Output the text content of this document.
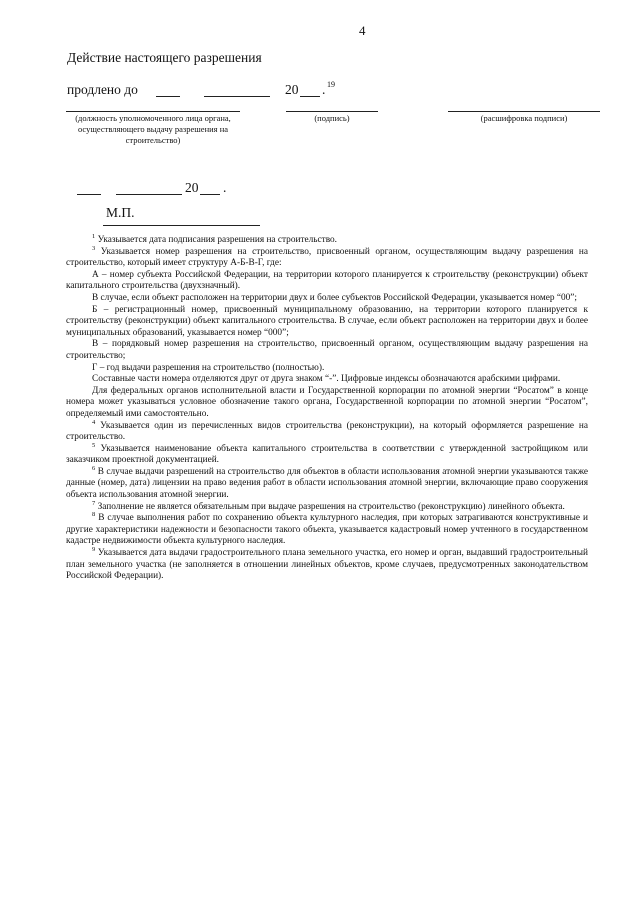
4
Действие настоящего разрешения
продлено до	20 . 19
(должность уполномоченного лица органа, осуществляющего выдачу разрешения на строительство)
(подпись)	(расшифровка подписи)
20 .
М.П.

$^1$ Указывается дата подписания разрешения на строительство.

$^3$ Указывается номер разрешения на строительство, присвоенный органом, осуществляющим выдачу разрешения на строительство, который имеет структуру А-Б-В-Г, где:

А – номер субъекта Российской Федерации, на территории которого планируется к строительству (реконструкции) объект капитального строительства (двухзначный).

В случае, если объект расположен на территории двух и более субъектов Российской Федерации, указывается номер “00”;

Б – регистрационный номер, присвоенный муниципальному образованию, на территории которого планируется к строительству (реконструкции) объект капитального строительства. В случае, если объект расположен на территории двух и более муниципальных образований, указывается номер “000”;

В – порядковый номер разрешения на строительство, присвоенный органом, осуществляющим выдачу разрешения на строительство;

Г – год выдачи разрешения на строительство (полностью).

Составные части номера отделяются друг от друга знаком “-”. Цифровые индексы обозначаются арабскими цифрами.

Для федеральных органов исполнительной власти и Государственной корпорации по атомной энергии “Росатом” в конце номера может указываться условное обозначение такого органа, Государственной корпорации по атомной энергии “Росатом”, определяемый ими самостоятельно.

$^4$ Указывается один из перечисленных видов строительства (реконструкции), на который оформляется разрешение на строительство.

$^5$ Указывается наименование объекта капитального строительства в соответствии с утвержденной застройщиком или заказчиком проектной документацией.

$^6$ В случае выдачи разрешений на строительство для объектов в области использования атомной энергии указываются также данные (номер, дата) лицензии на право ведения работ в области использования атомной энергии, включающие право сооружения объекта использования атомной энергии.

$^7$ Заполнение не является обязательным при выдаче разрешения на строительство (реконструкцию) линейного объекта.

$^8$ В случае выполнения работ по сохранению объекта культурного наследия, при которых затрагиваются конструктивные и другие характеристики надежности и безопасности такого объекта, указывается кадастровый номер учтенного в государственном кадастре недвижимости объекта культурного наследия.

$^9$ Указывается дата выдачи градостроительного плана земельного участка, его номер и орган, выдавший градостроительный план земельного участка (не заполняется в отношении линейных объектов, кроме случаев, предусмотренных законодательством Российской Федерации).
